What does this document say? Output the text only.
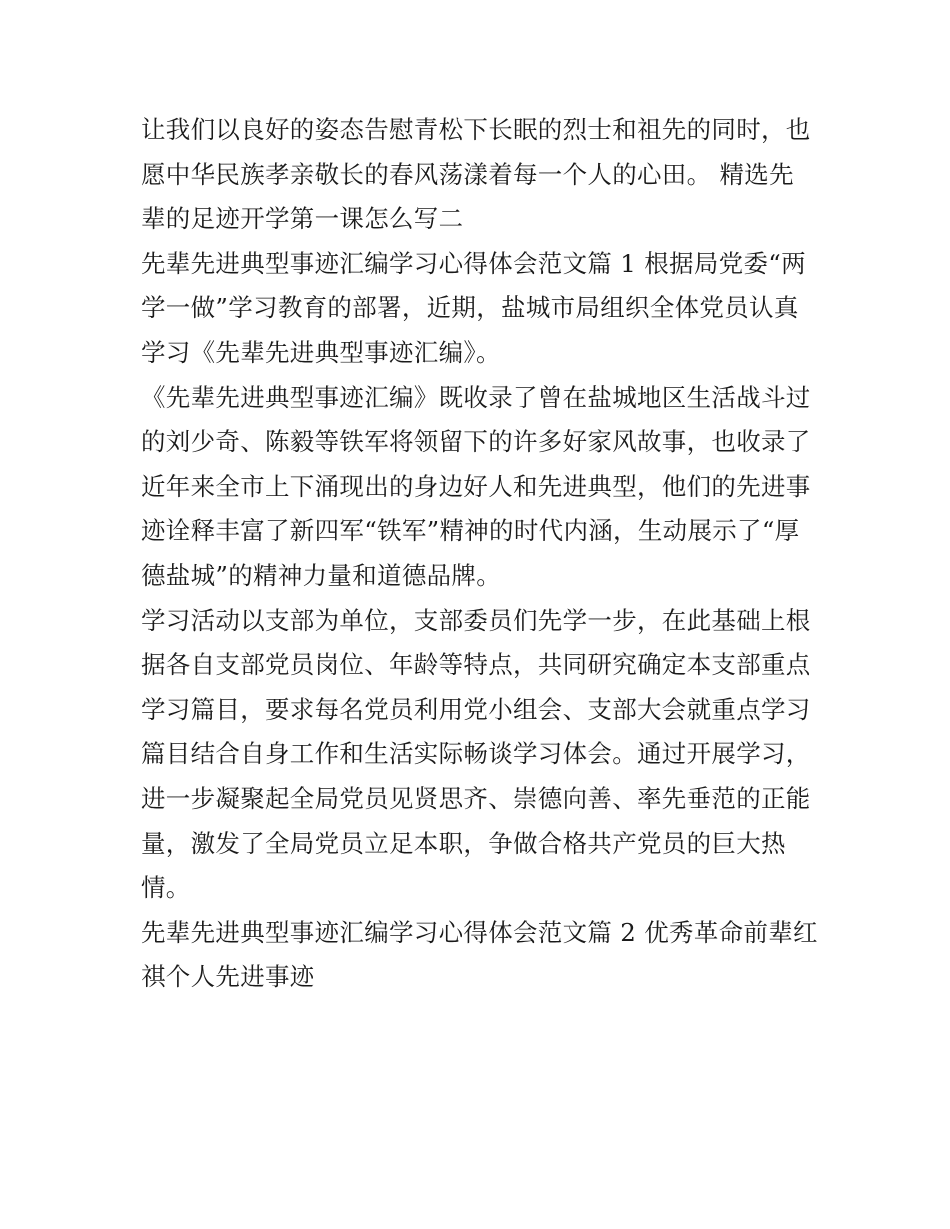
让我们以良好的姿态告慰青松下长眠的烈士和祖先的同时，也
愿中华民族孝亲敬长的春风荡漾着每一个人的心田。 精选先
辈的足迹开学第一课怎么写二

先辈先进典型事迹汇编学习心得体会范文篇 1 根据局党委“两
学一做”学习教育的部署，近期，盐城市局组织全体党员认真
学习《先辈先进典型事迹汇编》。

《先辈先进典型事迹汇编》既收录了曾在盐城地区生活战斗过
的刘少奇、陈毅等铁军将领留下的许多好家风故事，也收录了
近年来全市上下涌现出的身边好人和先进典型，他们的先进事
迹诠释丰富了新四军“铁军”精神的时代内涵，生动展示了“厚
德盐城”的精神力量和道德品牌。

学习活动以支部为单位，支部委员们先学一步，在此基础上根
据各自支部党员岗位、年龄等特点，共同研究确定本支部重点
学习篇目，要求每名党员利用党小组会、支部大会就重点学习
篇目结合自身工作和生活实际畅谈学习体会。通过开展学习，
进一步凝聚起全局党员见贤思齐、崇德向善、率先垂范的正能
量，激发了全局党员立足本职，争做合格共产党员的巨大热
情。

先辈先进典型事迹汇编学习心得体会范文篇 2 优秀革命前辈红
祺个人先进事迹
